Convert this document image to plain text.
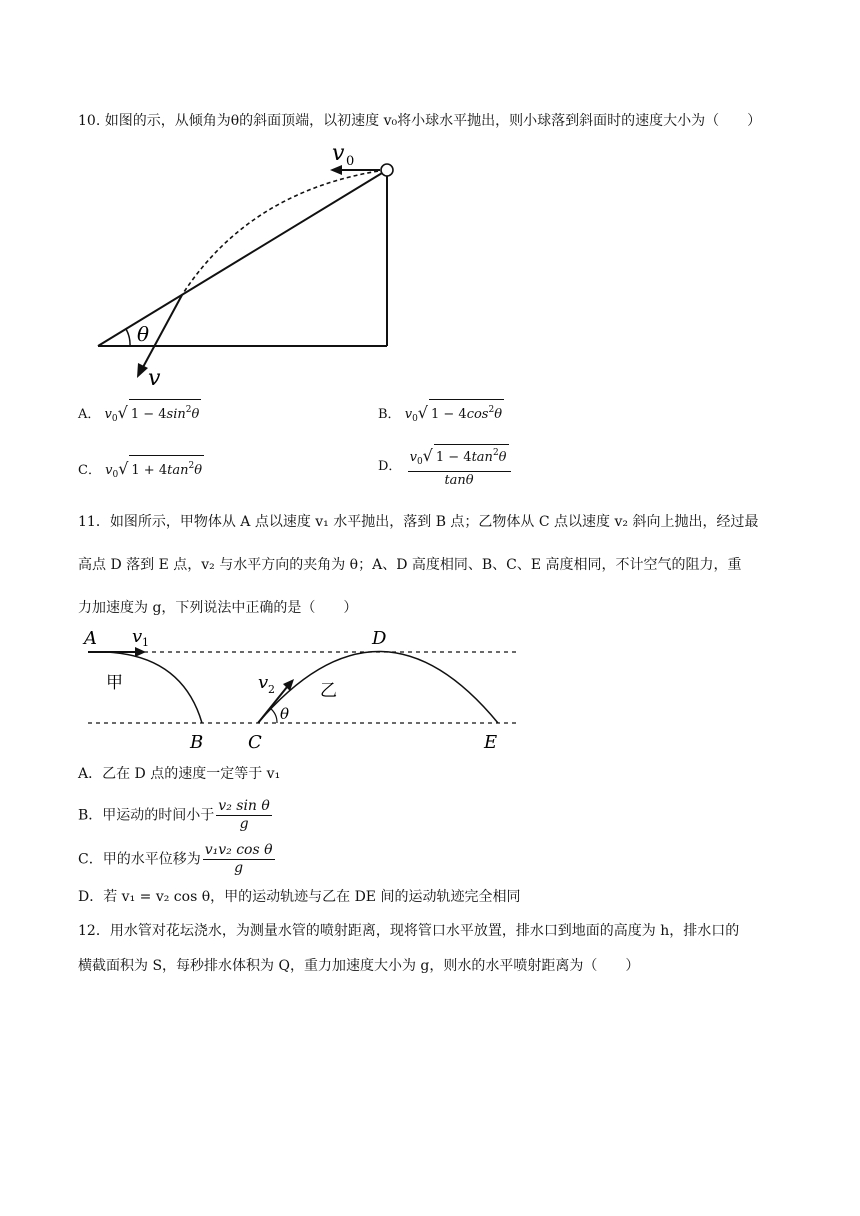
10. 如图的示，从倾角为θ的斜面顶端，以初速度 v₀将小球水平抛出，则小球落到斜面时的速度大小为（　　）
v 0
θ
v
A． $v_0√$ $1 - 4\sin^2\theta$	B． $v_0√$ $1 - 4\cos^2\theta$
C． $v_0√$ $1 + 4\tan^2\theta$	D． $\frac{v_0√ 1 - 4\tan^2\theta}{\tan\theta}$
11．如图所示，甲物体从 A 点以速度 v₁ 水平抛出，落到 B 点；乙物体从 C 点以速度 v₂ 斜向上抛出，经过最
高点 D 落到 E 点，v₂ 与水平方向的夹角为 θ；A、D 高度相同、B、C、E 高度相同，不计空气的阻力，重
力加速度为 g，下列说法中正确的是（　　）
A v 1
甲
B C
v 2
θ
乙
D
E
A．乙在 D 点的速度一定等于 v₁
B．甲运动的时间小于 $\frac{\text{v₂ sin θ}}{g}$
C．甲的水平位移为 $\frac{\text{v₁v₂ cos θ}}{g}$
D．若 v₁ = v₂ cos θ，甲的运动轨迹与乙在 DE 间的运动轨迹完全相同
12．用水管对花坛浇水，为测量水管的喷射距离，现将管口水平放置，排水口到地面的高度为 h，排水口的
横截面积为 S，每秒排水体积为 Q，重力加速度大小为 g，则水的水平喷射距离为（　　）
